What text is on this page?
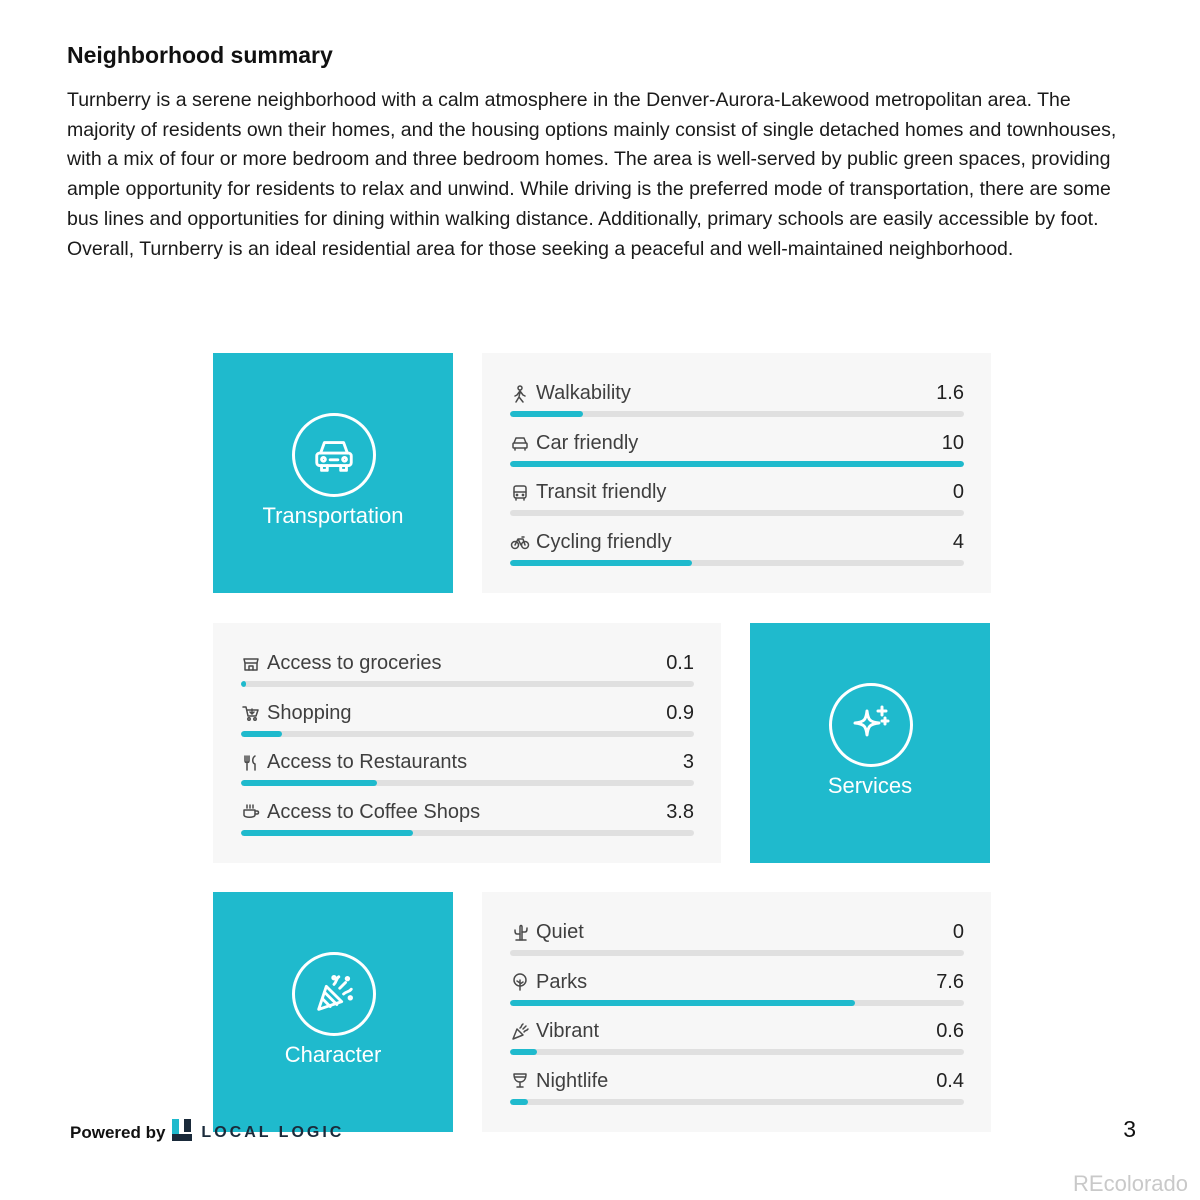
Neighborhood summary

Turnberry is a serene neighborhood with a calm atmosphere in the Denver-Aurora-Lakewood metropolitan area. The majority of residents own their homes, and the housing options mainly consist of single detached homes and townhouses, with a mix of four or more bedroom and three bedroom homes. The area is well-served by public green spaces, providing ample opportunity for residents to relax and unwind. While driving is the preferred mode of transportation, there are some bus lines and opportunities for dining within walking distance. Additionally, primary schools are easily accessible by foot. Overall, Turnberry is an ideal residential area for those seeking a peaceful and well-maintained neighborhood.

Transportation
Walkability	1.6
Car friendly	10
Transit friendly	0
Cycling friendly	4
Access to groceries	0.1
Shopping	0.9
Access to Restaurants	3
Access to Coffee Shops	3.8
Services
Character
Quiet	0
Parks	7.6
Vibrant	0.6
Nightlife	0.4
Powered by LOCAL LOGIC	3
REcolorado
